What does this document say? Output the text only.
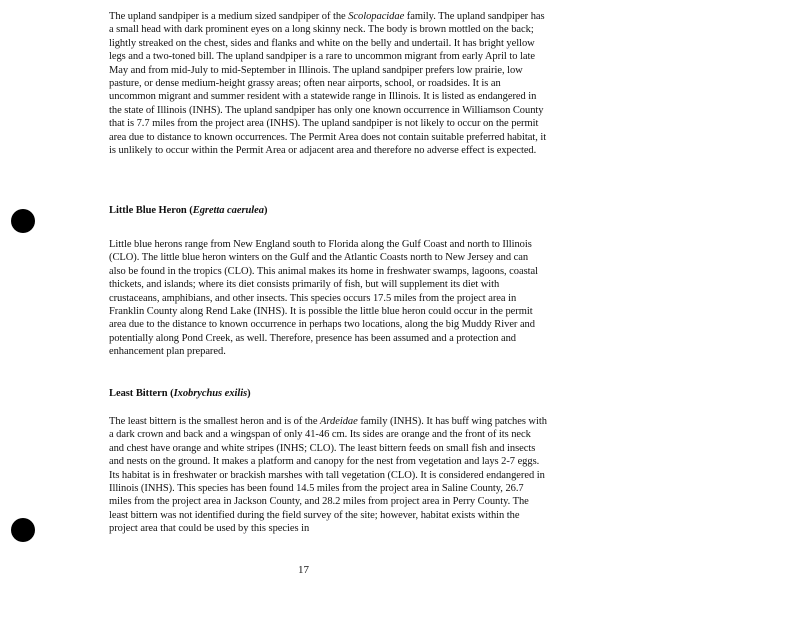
The upland sandpiper is a medium sized sandpiper of the Scolopacidae family. The upland sandpiper has a small head with dark prominent eyes on a long skinny neck. The body is brown mottled on the back; lightly streaked on the chest, sides and flanks and white on the belly and undertail. It has bright yellow legs and a two-toned bill. The upland sandpiper is a rare to uncommon migrant from early April to late May and from mid-July to mid-September in Illinois. The upland sandpiper prefers low prairie, low pasture, or dense medium-height grassy areas; often near airports, school, or roadsides. It is an uncommon migrant and summer resident with a statewide range in Illinois. It is listed as endangered in the state of Illinois (INHS). The upland sandpiper has only one known occurrence in Williamson County that is 7.7 miles from the project area (INHS). The upland sandpiper is not likely to occur on the permit area due to distance to known occurrences. The Permit Area does not contain suitable preferred habitat, it is unlikely to occur within the Permit Area or adjacent area and therefore no adverse effect is expected.

Little Blue Heron (Egretta caerulea)

Little blue herons range from New England south to Florida along the Gulf Coast and north to Illinois (CLO). The little blue heron winters on the Gulf and the Atlantic Coasts north to New Jersey and can also be found in the tropics (CLO). This animal makes its home in freshwater swamps, lagoons, coastal thickets, and islands; where its diet consists primarily of fish, but will supplement its diet with crustaceans, amphibians, and other insects. This species occurs 17.5 miles from the project area in Franklin County along Rend Lake (INHS). It is possible the little blue heron could occur in the permit area due to the distance to known occurrence in perhaps two locations, along the big Muddy River and potentially along Pond Creek, as well. Therefore, presence has been assumed and a protection and enhancement plan prepared.

Least Bittern (Ixobrychus exilis)

The least bittern is the smallest heron and is of the Ardeidae family (INHS). It has buff wing patches with a dark crown and back and a wingspan of only 41-46 cm. Its sides are orange and the front of its neck and chest have orange and white stripes (INHS; CLO). The least bittern feeds on small fish and insects and nests on the ground. It makes a platform and canopy for the nest from vegetation and lays 2-7 eggs. Its habitat is in freshwater or brackish marshes with tall vegetation (CLO). It is considered endangered in Illinois (INHS). This species has been found 14.5 miles from the project area in Saline County, 26.7 miles from the project area in Jackson County, and 28.2 miles from project area in Perry County. The least bittern was not identified during the field survey of the site; however, habitat exists within the project area that could be used by this species in

17
